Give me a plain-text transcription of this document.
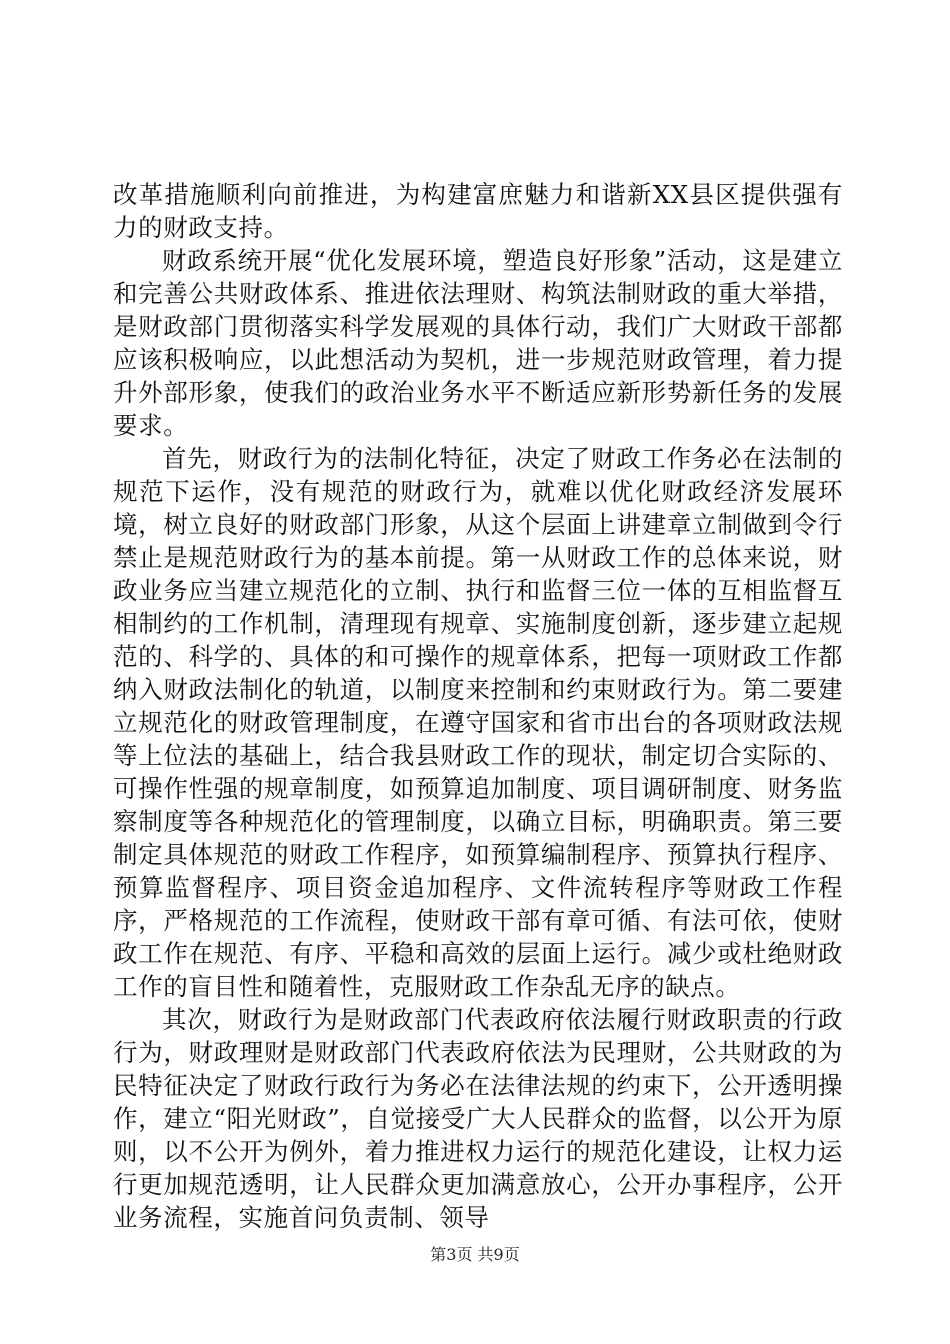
改革措施顺利向前推进，为构建富庶魅力和谐新XX县区提供强有力的财政支持。

财政系统开展“优化发展环境，塑造良好形象”活动，这是建立和完善公共财政体系、推进依法理财、构筑法制财政的重大举措，是财政部门贯彻落实科学发展观的具体行动，我们广大财政干部都应该积极响应，以此想活动为契机，进一步规范财政管理，着力提升外部形象，使我们的政治业务水平不断适应新形势新任务的发展要求。

首先，财政行为的法制化特征，决定了财政工作务必在法制的规范下运作，没有规范的财政行为，就难以优化财政经济发展环境，树立良好的财政部门形象，从这个层面上讲建章立制做到令行禁止是规范财政行为的基本前提。第一从财政工作的总体来说，财政业务应当建立规范化的立制、执行和监督三位一体的互相监督互相制约的工作机制，清理现有规章、实施制度创新，逐步建立起规范的、科学的、具体的和可操作的规章体系，把每一项财政工作都纳入财政法制化的轨道，以制度来控制和约束财政行为。第二要建立规范化的财政管理制度，在遵守国家和省市出台的各项财政法规等上位法的基础上，结合我县财政工作的现状，制定切合实际的、可操作性强的规章制度，如预算追加制度、项目调研制度、财务监察制度等各种规范化的管理制度，以确立目标，明确职责。第三要制定具体规范的财政工作程序，如预算编制程序、预算执行程序、预算监督程序、项目资金追加程序、文件流转程序等财政工作程序，严格规范的工作流程，使财政干部有章可循、有法可依，使财政工作在规范、有序、平稳和高效的层面上运行。减少或杜绝财政工作的盲目性和随着性，克服财政工作杂乱无序的缺点。

其次，财政行为是财政部门代表政府依法履行财政职责的行政行为，财政理财是财政部门代表政府依法为民理财，公共财政的为民特征决定了财政行政行为务必在法律法规的约束下，公开透明操作，建立“阳光财政”，自觉接受广大人民群众的监督，以公开为原则，以不公开为例外，着力推进权力运行的规范化建设，让权力运行更加规范透明，让人民群众更加满意放心，公开办事程序，公开业务流程，实施首问负责制、领导

第3页 共9页
